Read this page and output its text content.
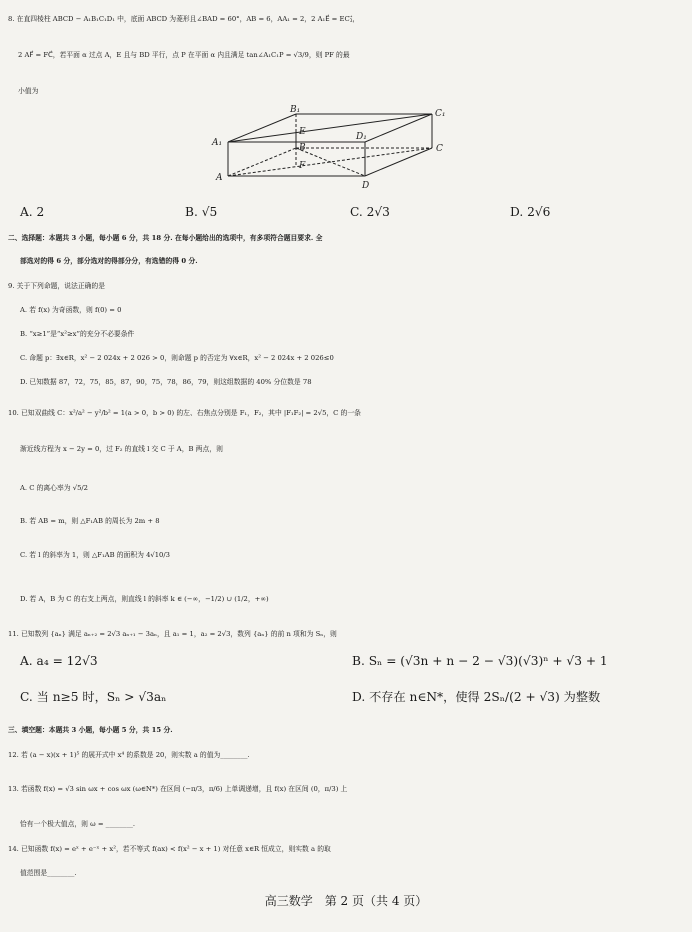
8. 在直四棱柱 ABCD − A₁B₁C₁D₁ 中，底面 ABCD 为菱形且∠BAD = 60°，AB = 6，AA₁ = 2，2 A₁E⃗ = EC₁⃗，
2 AF⃗ = FC⃗，若平面 α 过点 A，E 且与 BD 平行，点 P 在平面 α 内且满足 tan∠A₁C₁P = √3/9，则 PF 的最
小值为
B₁	C₁
E	D₁
A₁	B	C
F
A
D
A. 2	B. √5	C. 2√3	D. 2√6
二、选择题：本题共 3 小题，每小题 6 分，共 18 分. 在每小题给出的选项中，有多项符合题目要求. 全
部选对的得 6 分，部分选对的得部分分，有选错的得 0 分.
9. 关于下列命题，说法正确的是
A. 若 f(x) 为奇函数，则 f(0) = 0
B. “x≥1”是“x²≥x”的充分不必要条件
C. 命题 p：∃x∈R，x² − 2 024x + 2 026 > 0，则命题 p 的否定为 ∀x∈R，x² − 2 024x + 2 026≤0
D. 已知数据 87，72，75，85，87，90，75，78，86，79，则这组数据的 40% 分位数是 78
10. 已知双曲线 C：x²/a² − y²/b² = 1(a > 0，b > 0) 的左、右焦点分别是 F₁，F₂，其中 |F₁F₂| = 2√5，C 的一条
渐近线方程为 x − 2y = 0，过 F₂ 的直线 l 交 C 于 A，B 两点，则
A. C 的离心率为 √5/2
B. 若 AB = m，则 △F₁AB 的周长为 2m + 8
C. 若 l 的斜率为 1，则 △F₁AB 的面积为 4√10/3
D. 若 A，B 为 C 的右支上两点，则直线 l 的斜率 k ∈ (−∞，−1/2) ∪ (1/2，+∞)
11. 已知数列 {aₙ} 满足 aₙ₊₂ = 2√3 aₙ₊₁ − 3aₙ，且 a₁ = 1，a₂ = 2√3，数列 {aₙ} 的前 n 项和为 Sₙ，则
A. a₄ = 12√3	B. Sₙ = (√3n + n − 2 − √3)(√3)ⁿ + √3 + 1
C. 当 n≥5 时，Sₙ > √3aₙ	D. 不存在 n∈N*，使得 2Sₙ/(2 + √3) 为整数
三、填空题：本题共 3 小题，每小题 5 分，共 15 分.
12. 若 (a − x)(x + 1)⁵ 的展开式中 x⁴ 的系数是 20，则实数 a 的值为________.
13. 若函数 f(x) = √3 sin ωx + cos ωx (ω∈N*) 在区间 (−π/3，π/6) 上单调递增，且 f(x) 在区间 (0，π/3) 上
恰有一个极大值点，则 ω = ________.
14. 已知函数 f(x) = eˣ + e⁻ˣ + x²，若不等式 f(ax) < f(x² − x + 1) 对任意 x∈R 恒成立，则实数 a 的取
值范围是________.
高三数学　第 2 页（共 4 页）
